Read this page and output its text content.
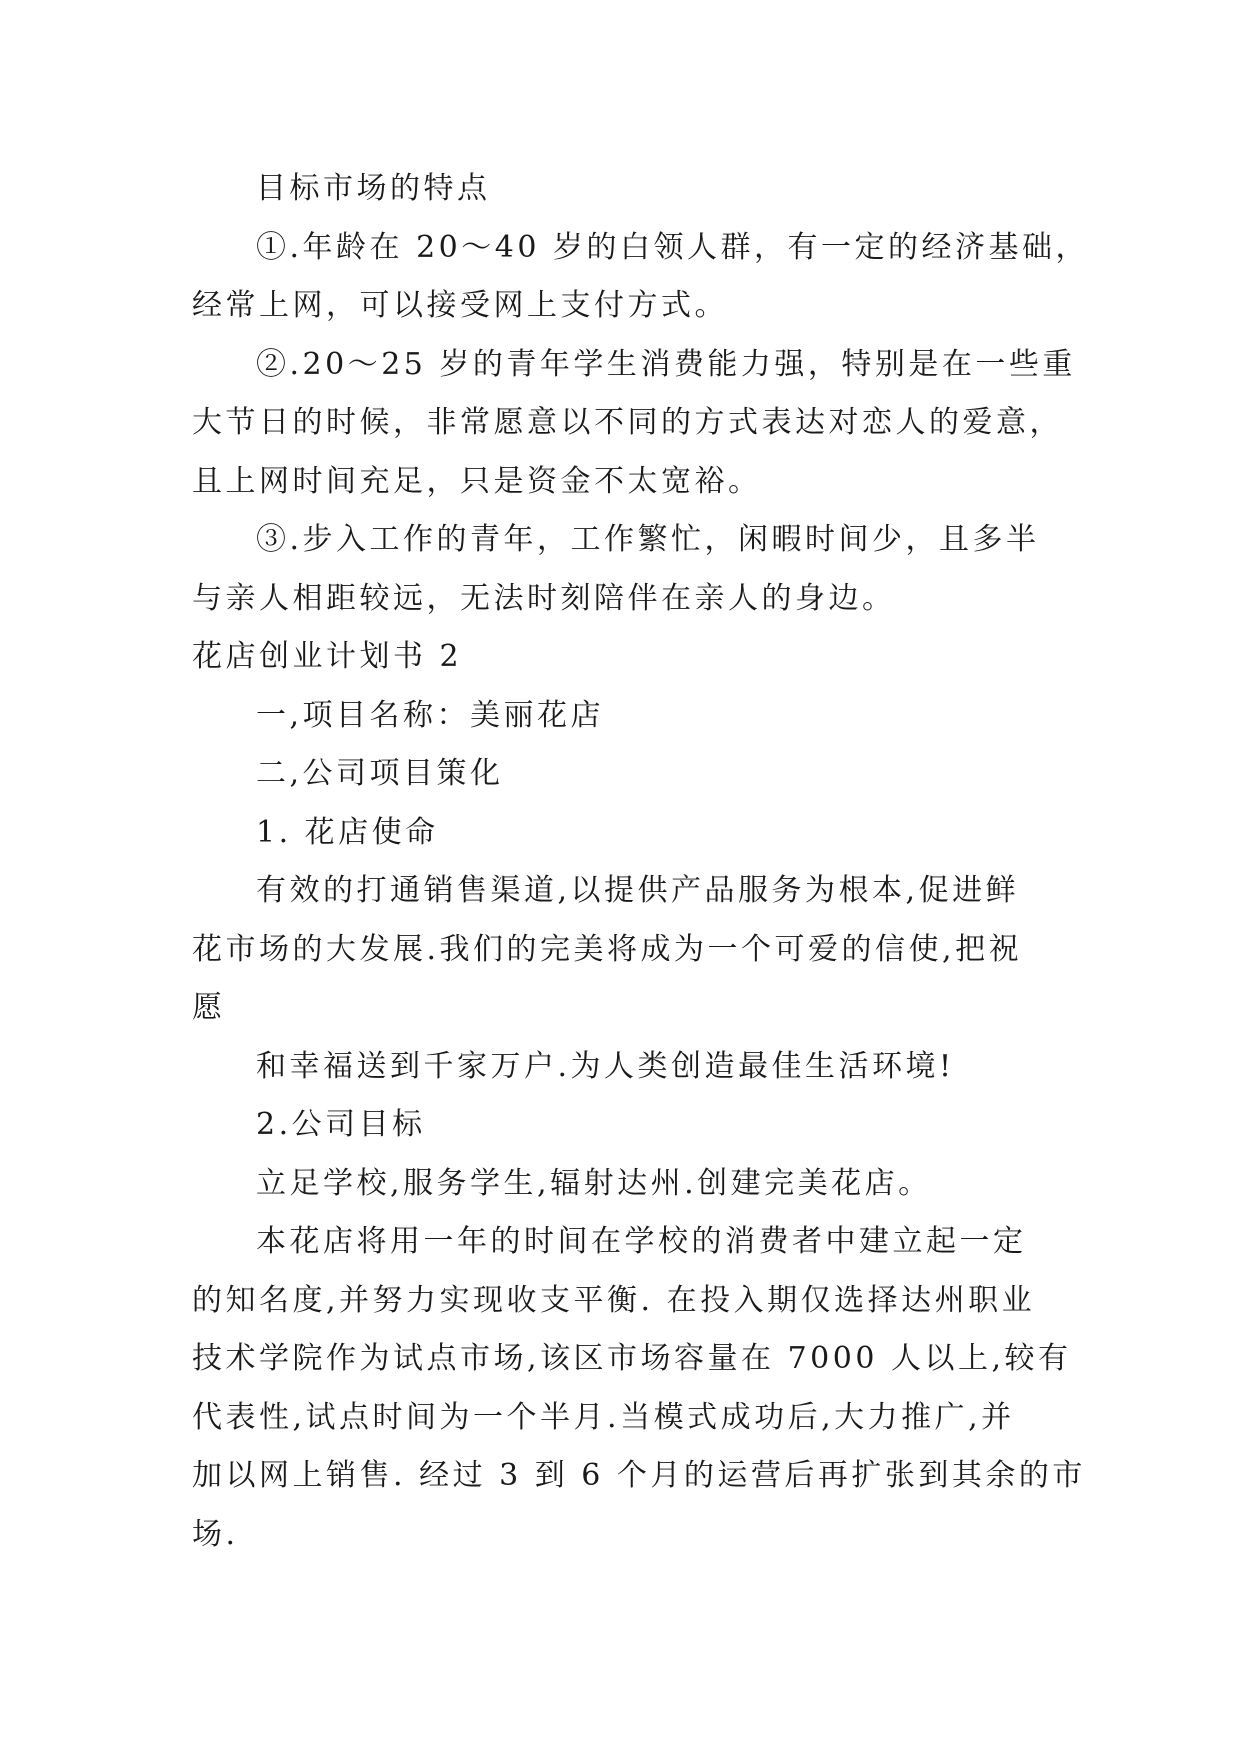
目标市场的特点
①.年龄在 20～40 岁的白领人群，有一定的经济基础，
经常上网，可以接受网上支付方式。
②.20～25 岁的青年学生消费能力强，特别是在一些重
大节日的时候，非常愿意以不同的方式表达对恋人的爱意，
且上网时间充足，只是资金不太宽裕。
③.步入工作的青年，工作繁忙，闲暇时间少，且多半
与亲人相距较远，无法时刻陪伴在亲人的身边。
花店创业计划书 2
一,项目名称：美丽花店
二,公司项目策化
1. 花店使命
有效的打通销售渠道,以提供产品服务为根本,促进鲜
花市场的大发展.我们的完美将成为一个可爱的信使,把祝
愿
和幸福送到千家万户.为人类创造最佳生活环境!
2.公司目标
立足学校,服务学生,辐射达州.创建完美花店。
本花店将用一年的时间在学校的消费者中建立起一定
的知名度,并努力实现收支平衡. 在投入期仅选择达州职业
技术学院作为试点市场,该区市场容量在 7000 人以上,较有
代表性,试点时间为一个半月.当模式成功后,大力推广,并
加以网上销售. 经过 3 到 6 个月的运营后再扩张到其余的市
场.
